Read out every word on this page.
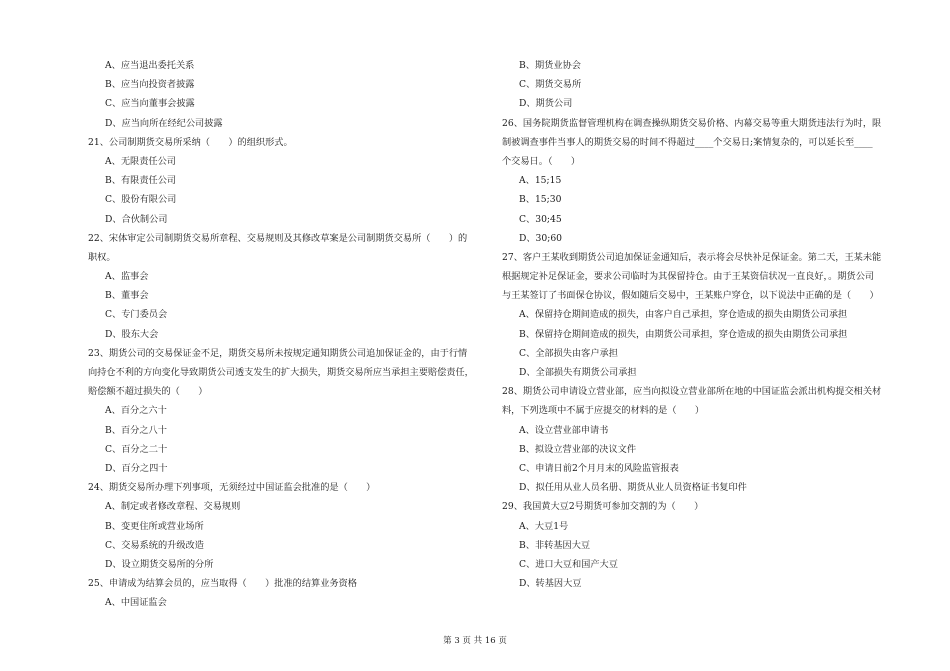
A、应当退出委托关系
B、应当向投资者披露
C、应当向董事会披露
D、应当向所在经纪公司披露
21、公司制期货交易所采纳（　　）的组织形式。
A、无限责任公司
B、有限责任公司
C、股份有限公司
D、合伙制公司
22、宋体审定公司制期货交易所章程、交易规则及其修改草案是公司制期货交易所（　　）的
职权。
A、监事会
B、董事会
C、专门委员会
D、股东大会
23、期货公司的交易保证金不足，期货交易所未按规定通知期货公司追加保证金的，由于行情
向持仓不利的方向变化导致期货公司透支发生的扩大损失，期货交易所应当承担主要赔偿责任，
赔偿额不超过损失的（　　）
A、百分之六十
B、百分之八十
C、百分之二十
D、百分之四十
24、期货交易所办理下列事项，无须经过中国证监会批准的是（　　）
A、制定或者修改章程、交易规则
B、变更住所或营业场所
C、交易系统的升级改造
D、设立期货交易所的分所
25、申请成为结算会员的，应当取得（　　）批准的结算业务资格
A、中国证监会
B、期货业协会
C、期货交易所
D、期货公司
26、国务院期货监督管理机构在调查操纵期货交易价格、内幕交易等重大期货违法行为时，限
制被调查事件当事人的期货交易的时间不得超过____个交易日;案情复杂的，可以延长至____
个交易日。（　　）
A、15;15
B、15;30
C、30;45
D、30;60
27、客户王某收到期货公司追加保证金通知后，表示将会尽快补足保证金。第二天，王某未能
根据规定补足保证金，要求公司临时为其保留持仓。由于王某资信状况一直良好，。期货公司
与王某签订了书面保仓协议，假如随后交易中，王某账户穿仓，以下说法中正确的是（　　）
A、保留持仓期间造成的损失，由客户自己承担，穿仓造成的损失由期货公司承担
B、保留持仓期间造成的损失，由期货公司承担，穿仓造成的损失由期货公司承担
C、全部损失由客户承担
D、全部损失有期货公司承担
28、期货公司申请设立营业部，应当向拟设立营业部所在地的中国证监会派出机构提交相关材
料，下列选项中不属于应提交的材料的是（　　）
A、设立营业部申请书
B、拟设立营业部的决议文件
C、申请日前2个月月末的风险监管报表
D、拟任用从业人员名册、期货从业人员资格证书复印件
29、我国黄大豆2号期货可参加交割的为（　　）
A、大豆1号
B、非转基因大豆
C、进口大豆和国产大豆
D、转基因大豆
第 3 页 共 16 页
